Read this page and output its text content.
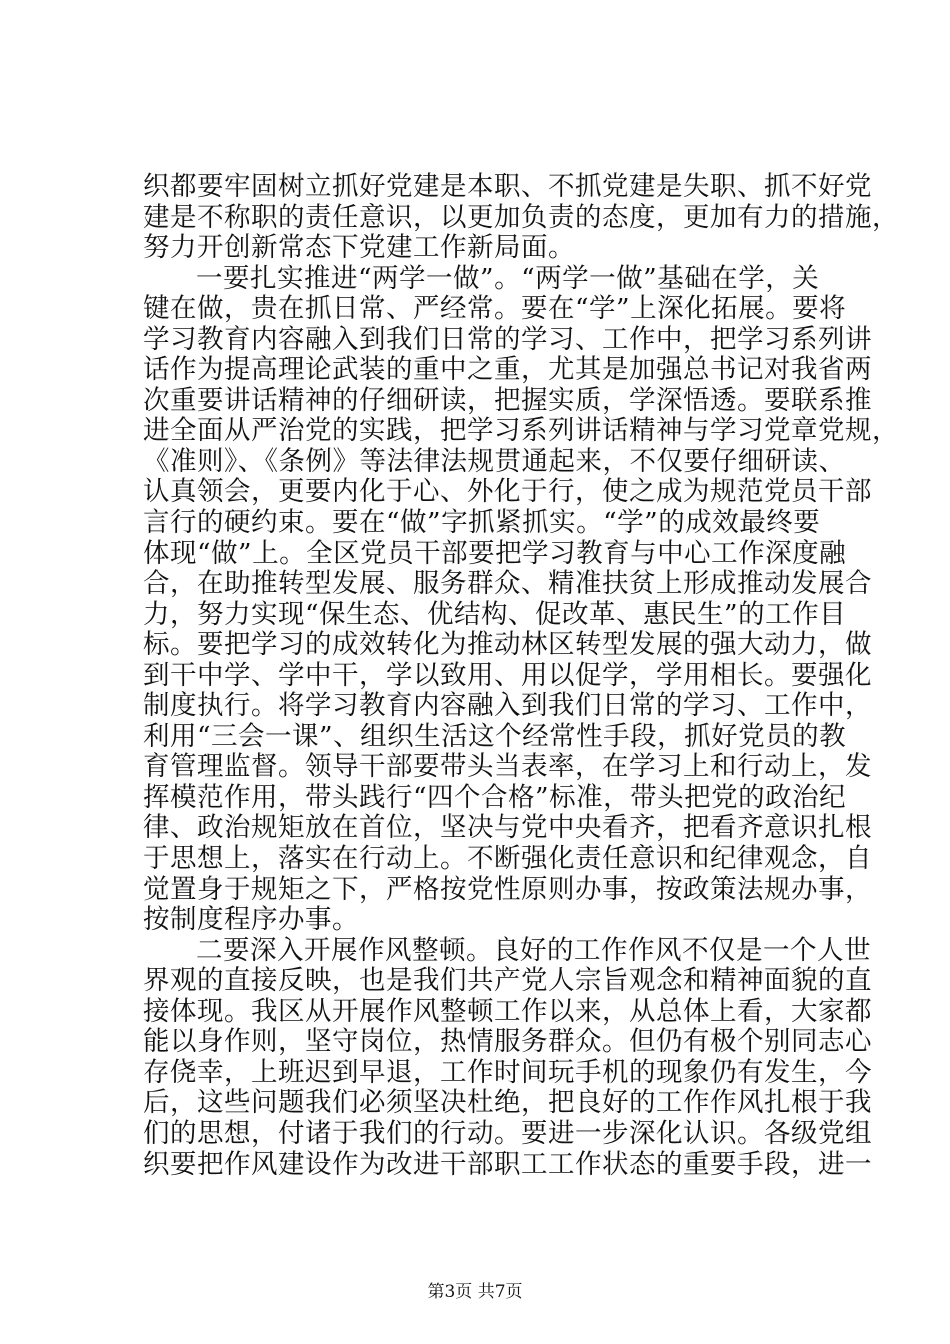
织都要牢固树立抓好党建是本职、不抓党建是失职、抓不好党
建是不称职的责任意识，以更加负责的态度，更加有力的措施，
努力开创新常态下党建工作新局面。
一要扎实推进“两学一做”。“两学一做”基础在学，关
键在做，贵在抓日常、严经常。要在“学”上深化拓展。要将
学习教育内容融入到我们日常的学习、工作中，把学习系列讲
话作为提高理论武装的重中之重，尤其是加强总书记对我省两
次重要讲话精神的仔细研读，把握实质，学深悟透。要联系推
进全面从严治党的实践，把学习系列讲话精神与学习党章党规，
《准则》、《条例》等法律法规贯通起来，不仅要仔细研读、
认真领会，更要内化于心、外化于行，使之成为规范党员干部
言行的硬约束。要在“做”字抓紧抓实。“学”的成效最终要
体现“做”上。全区党员干部要把学习教育与中心工作深度融
合，在助推转型发展、服务群众、精准扶贫上形成推动发展合
力，努力实现“保生态、优结构、促改革、惠民生”的工作目
标。要把学习的成效转化为推动林区转型发展的强大动力，做
到干中学、学中干，学以致用、用以促学，学用相长。要强化
制度执行。将学习教育内容融入到我们日常的学习、工作中，
利用“三会一课”、组织生活这个经常性手段，抓好党员的教
育管理监督。领导干部要带头当表率，在学习上和行动上，发
挥模范作用，带头践行“四个合格”标准，带头把党的政治纪
律、政治规矩放在首位，坚决与党中央看齐，把看齐意识扎根
于思想上，落实在行动上。不断强化责任意识和纪律观念，自
觉置身于规矩之下，严格按党性原则办事，按政策法规办事，
按制度程序办事。
二要深入开展作风整顿。良好的工作作风不仅是一个人世
界观的直接反映，也是我们共产党人宗旨观念和精神面貌的直
接体现。我区从开展作风整顿工作以来，从总体上看，大家都
能以身作则，坚守岗位，热情服务群众。但仍有极个别同志心
存侥幸，上班迟到早退，工作时间玩手机的现象仍有发生，今
后，这些问题我们必须坚决杜绝，把良好的工作作风扎根于我
们的思想，付诸于我们的行动。要进一步深化认识。各级党组
织要把作风建设作为改进干部职工工作状态的重要手段，进一
第3页 共7页
